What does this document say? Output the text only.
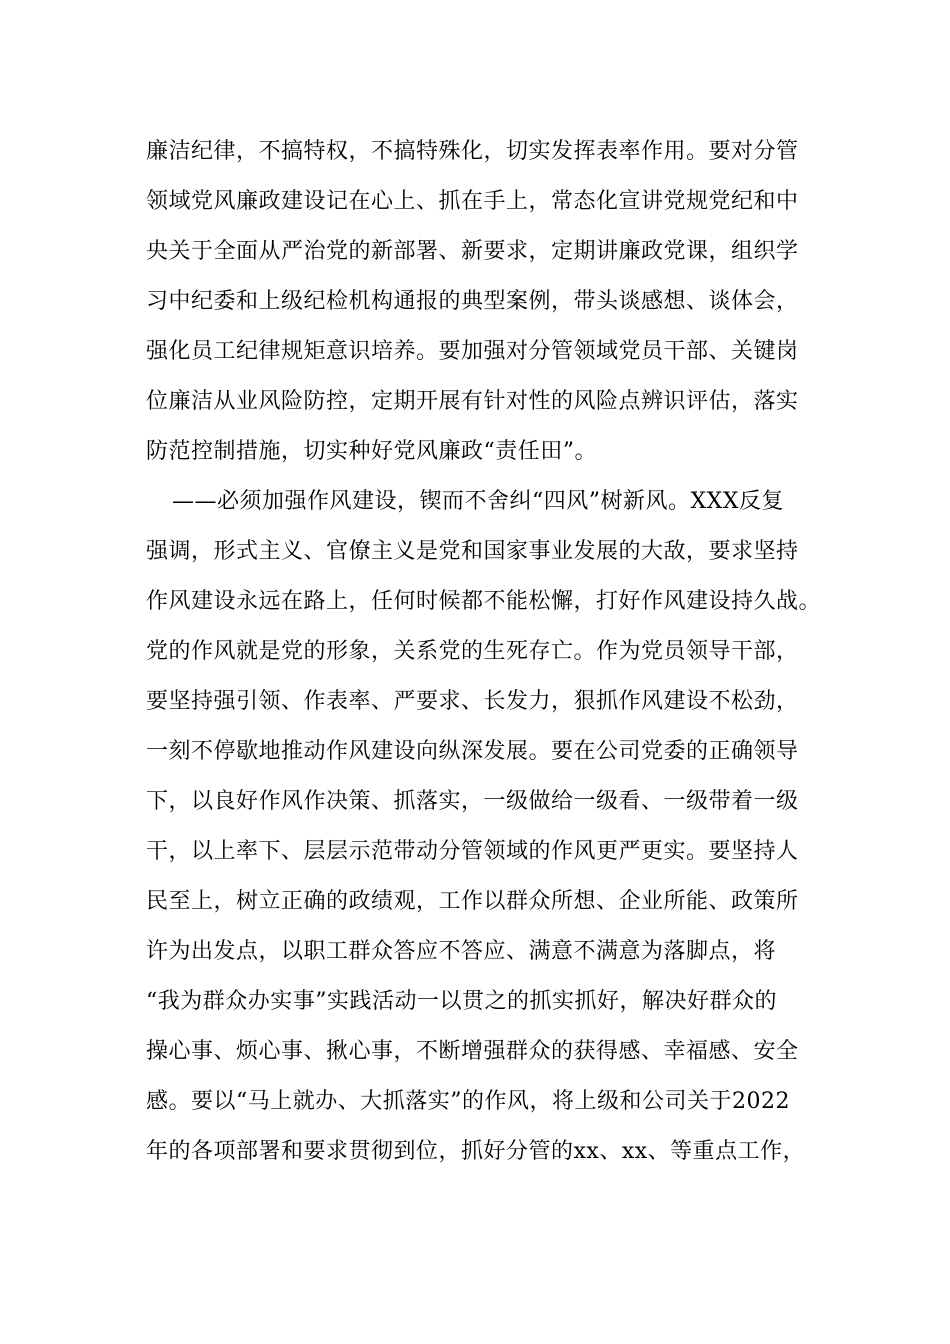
廉洁纪律，不搞特权，不搞特殊化，切实发挥表率作用。要对分管
领域党风廉政建设记在心上、抓在手上，常态化宣讲党规党纪和中
央关于全面从严治党的新部署、新要求，定期讲廉政党课，组织学
习中纪委和上级纪检机构通报的典型案例，带头谈感想、谈体会，
强化员工纪律规矩意识培养。要加强对分管领域党员干部、关键岗
位廉洁从业风险防控，定期开展有针对性的风险点辨识评估，落实
防范控制措施，切实种好党风廉政“责任田”。
——必须加强作风建设，锲而不舍纠“四风”树新风。XXX反复
强调，形式主义、官僚主义是党和国家事业发展的大敌，要求坚持
作风建设永远在路上，任何时候都不能松懈，打好作风建设持久战。
党的作风就是党的形象，关系党的生死存亡。作为党员领导干部，
要坚持强引领、作表率、严要求、长发力，狠抓作风建设不松劲，
一刻不停歇地推动作风建设向纵深发展。要在公司党委的正确领导
下，以良好作风作决策、抓落实，一级做给一级看、一级带着一级
干，以上率下、层层示范带动分管领域的作风更严更实。要坚持人
民至上，树立正确的政绩观，工作以群众所想、企业所能、政策所
许为出发点，以职工群众答应不答应、满意不满意为落脚点，将
“我为群众办实事”实践活动一以贯之的抓实抓好，解决好群众的
操心事、烦心事、揪心事，不断增强群众的获得感、幸福感、安全
感。要以“马上就办、大抓落实”的作风，将上级和公司关于2022
年的各项部署和要求贯彻到位，抓好分管的xx、xx、等重点工作，
